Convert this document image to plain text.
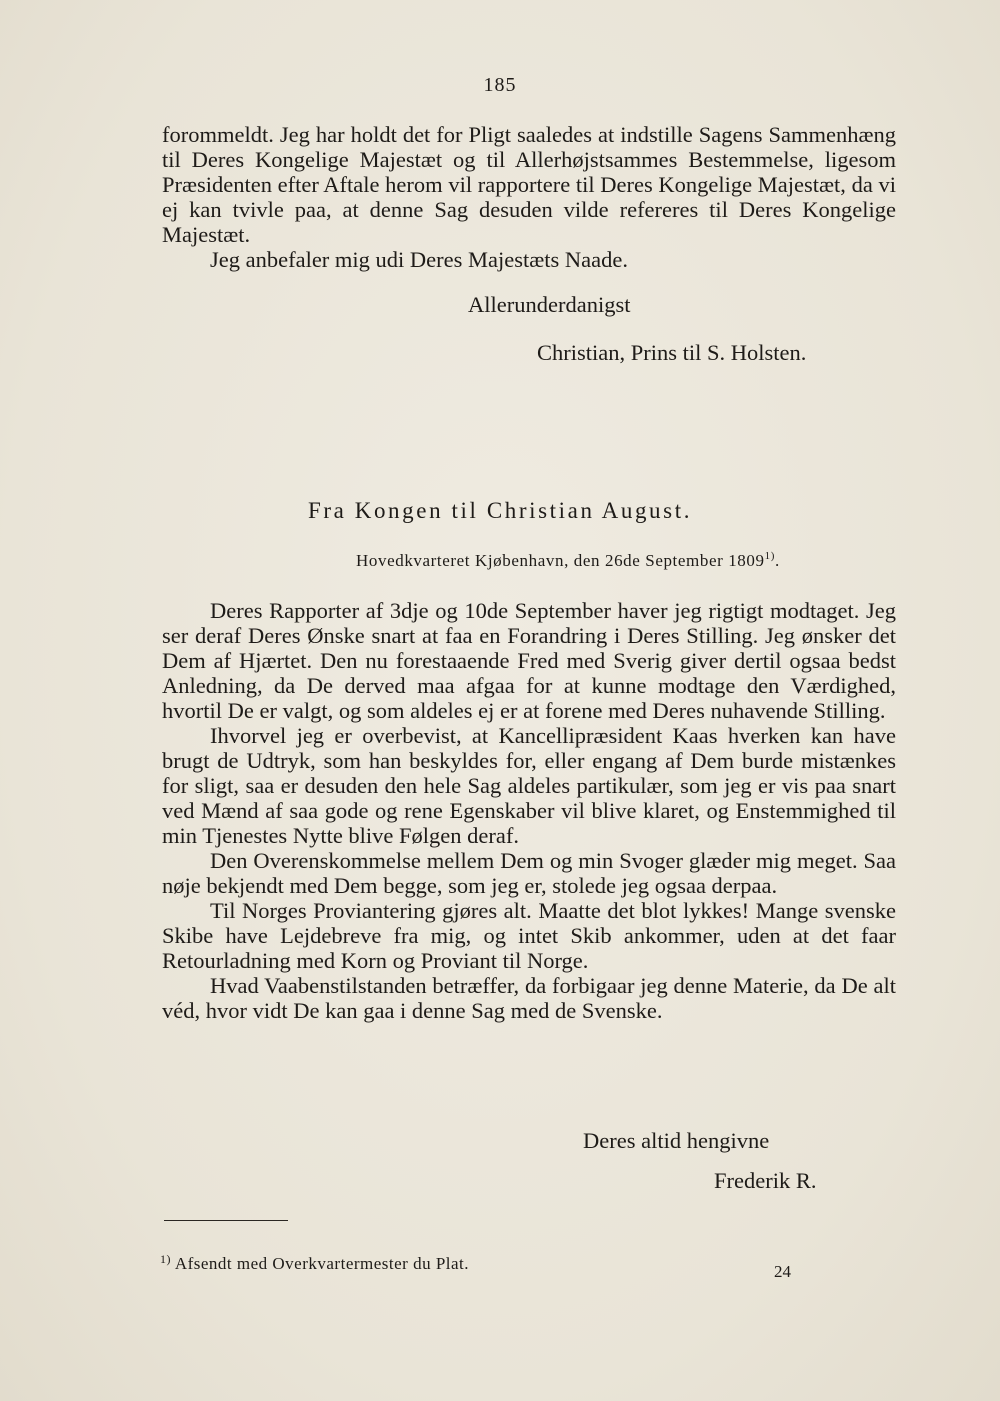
185

forommeldt. Jeg har holdt det for Pligt saaledes at indstille Sagens Sammenhæng til Deres Kongelige Majestæt og til Allerhøjstsammes Bestemmelse, ligesom Præsidenten efter Aftale herom vil rapportere til Deres Kongelige Majestæt, da vi ej kan tvivle paa, at denne Sag desuden vilde refereres til Deres Kongelige Majestæt.

Jeg anbefaler mig udi Deres Majestæts Naade.

Allerunderdanigst
Christian, Prins til S. Holsten.
Fra Kongen til Christian August.
Hovedkvarteret Kjøbenhavn, den 26de September 1809$^{1)}$.

Deres Rapporter af 3dje og 10de September haver jeg rigtigt modtaget. Jeg ser deraf Deres Ønske snart at faa en Forandring i Deres Stilling. Jeg ønsker det Dem af Hjærtet. Den nu forestaaende Fred med Sverig giver dertil ogsaa bedst Anledning, da De derved maa afgaa for at kunne modtage den Værdighed, hvortil De er valgt, og som aldeles ej er at forene med Deres nuhavende Stilling.

Ihvorvel jeg er overbevist, at Kancellipræsident Kaas hverken kan have brugt de Udtryk, som han beskyldes for, eller engang af Dem burde mistænkes for sligt, saa er desuden den hele Sag aldeles partikulær, som jeg er vis paa snart ved Mænd af saa gode og rene Egenskaber vil blive klaret, og Enstemmighed til min Tjenestes Nytte blive Følgen deraf.

Den Overenskommelse mellem Dem og min Svoger glæder mig meget. Saa nøje bekjendt med Dem begge, som jeg er, stolede jeg ogsaa derpaa.

Til Norges Proviantering gjøres alt. Maatte det blot lykkes! Mange svenske Skibe have Lejdebreve fra mig, og intet Skib ankommer, uden at det faar Retourladning med Korn og Proviant til Norge.

Hvad Vaabenstilstanden betræffer, da forbigaar jeg denne Materie, da De alt véd, hvor vidt De kan gaa i denne Sag med de Svenske.

Deres altid hengivne
Frederik R.
$^{1)}$ Afsendt med Overkvartermester du Plat.	24
